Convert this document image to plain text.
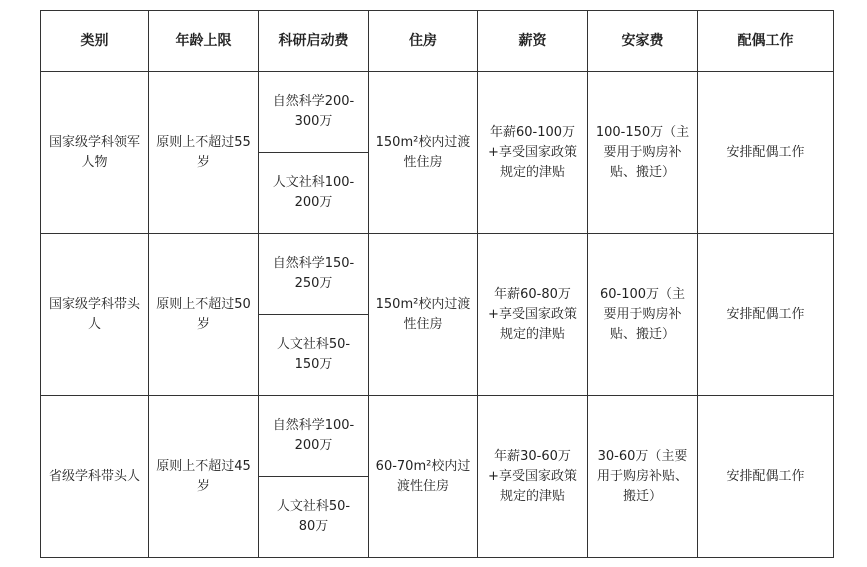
类别	年龄上限	科研启动费	住房	薪资	安家费	配偶工作
国家级学科领军人物	原则上不超过55岁	自然科学200-300万	150m²校内过渡性住房	年薪60-100万+享受国家政策规定的津贴	100-150万（主要用于购房补贴、搬迁）	安排配偶工作
		人文社科100-200万				
国家级学科带头人	原则上不超过50岁	自然科学150-250万	150m²校内过渡性住房	年薪60-80万+享受国家政策规定的津贴	60-100万（主要用于购房补贴、搬迁）	安排配偶工作
		人文社科50-150万				
省级学科带头人	原则上不超过45岁	自然科学100-200万	60-70m²校内过渡性住房	年薪30-60万+享受国家政策规定的津贴	30-60万（主要用于购房补贴、搬迁）	安排配偶工作
		人文社科50-80万				
